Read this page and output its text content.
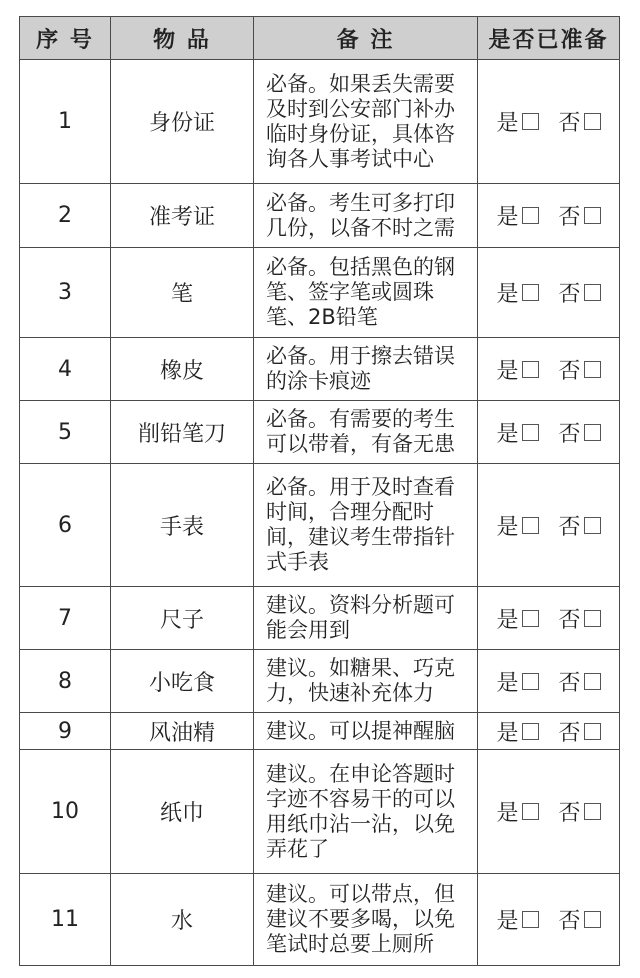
序 号	物 品	备 注	是否已准备
1	身份证	必备。如果丢失需要及时到公安部门补办临时身份证，具体咨询各人事考试中心	是 否

2	准考证	必备。考生可多打印几份，以备不时之需	是 否

3	笔	必备。包括黑色的钢笔、签字笔或圆珠笔、2B铅笔	是 否

4	橡皮	必备。用于擦去错误的涂卡痕迹	是 否

5	削铅笔刀	必备。有需要的考生可以带着，有备无患	是 否

6	手表	必备。用于及时查看时间，合理分配时间，建议考生带指针式手表	是 否

7	尺子	建议。资料分析题可能会用到	是 否

8	小吃食	建议。如糖果、巧克力，快速补充体力	是 否

9	风油精	建议。可以提神醒脑	是 否

10	纸巾	建议。在申论答题时字迹不容易干的可以用纸巾沾一沾，以免弄花了	是 否

11	水	建议。可以带点，但建议不要多喝，以免笔试时总要上厕所	是 否
